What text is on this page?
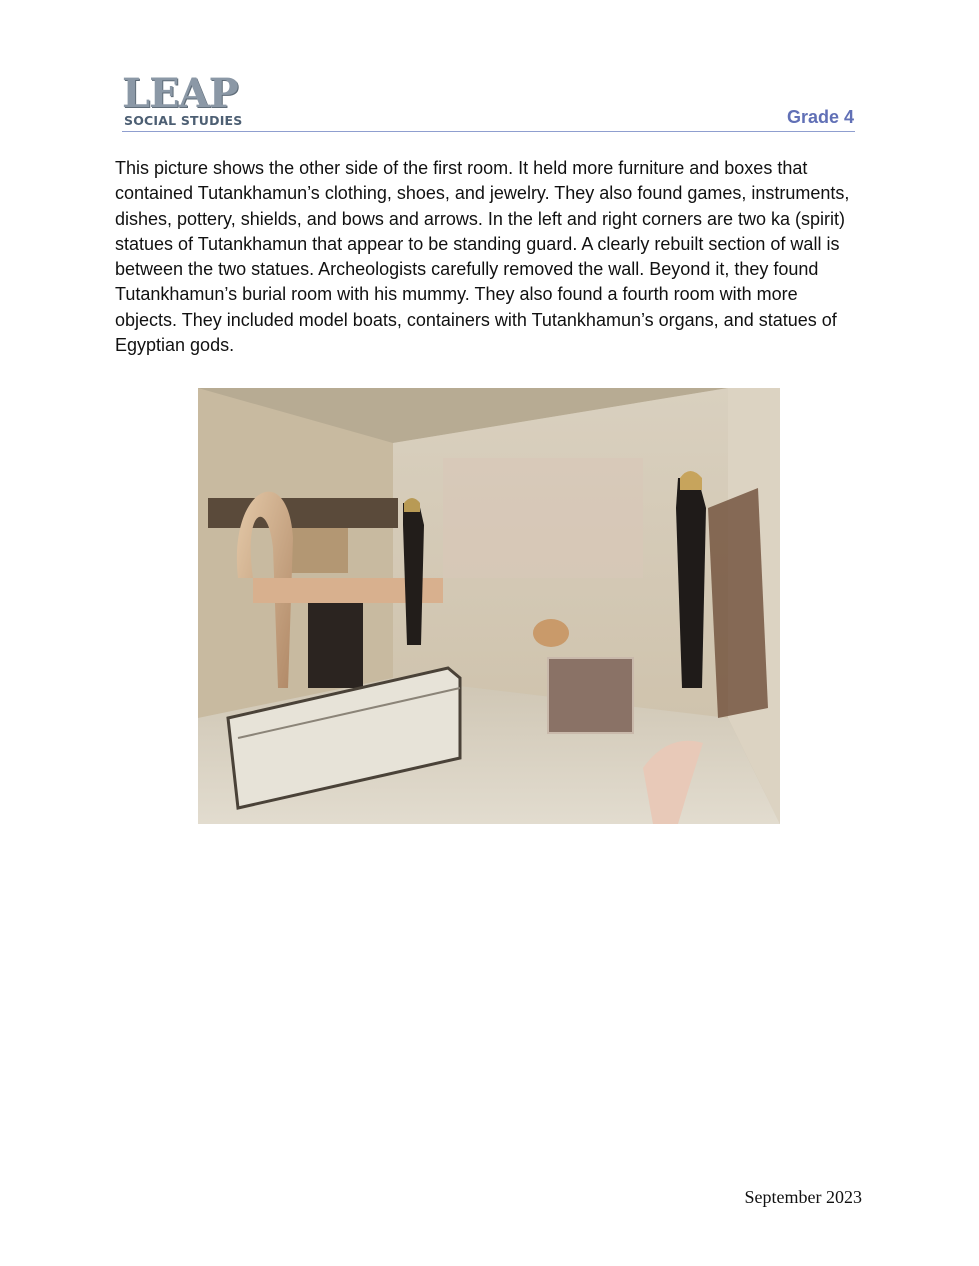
LEAP
SOCIAL STUDIES	Grade 4

This picture shows the other side of the first room. It held more furniture and boxes that contained Tutankhamun’s clothing, shoes, and jewelry. They also found games, instruments, dishes, pottery, shields, and bows and arrows. In the left and right corners are two ka (spirit) statues of Tutankhamun that appear to be standing guard. A clearly rebuilt section of wall is between the two statues. Archeologists carefully removed the wall. Beyond it, they found Tutankhamun’s burial room with his mummy. They also found a fourth room with more objects. They included model boats, containers with Tutankhamun’s organs, and statues of Egyptian gods.

September 2023
